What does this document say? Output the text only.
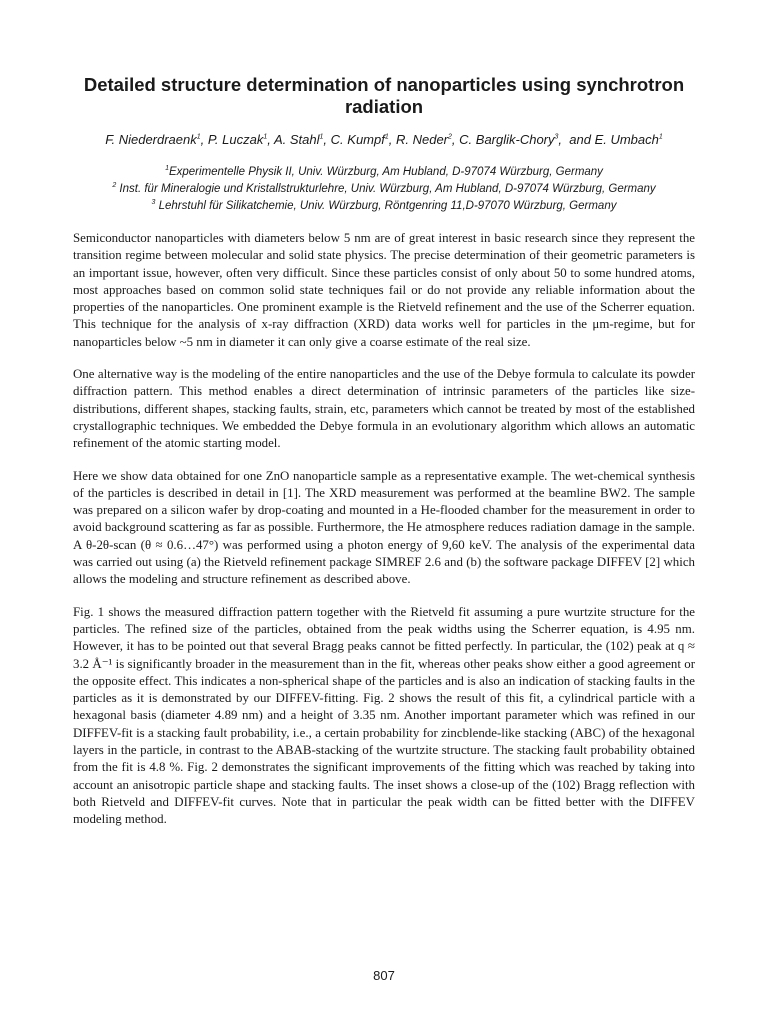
Detailed structure determination of nanoparticles using synchrotron radiation
F. Niederdraenk$^1$, P. Luczak$^1$, A. Stahl$^1$, C. Kumpf$^1$, R. Neder$^2$, C. Barglik-Chory$^3$,  and E. Umbach$^1$
$^1$Experimentelle Physik II, Univ. Würzburg, Am Hubland, D-97074 Würzburg, Germany
$^2$ Inst. für Mineralogie und Kristallstrukturlehre, Univ. Würzburg, Am Hubland, D-97074 Würzburg, Germany
$^3$ Lehrstuhl für Silikatchemie, Univ. Würzburg, Röntgenring 11,D-97070 Würzburg, Germany

Semiconductor nanoparticles with diameters below 5 nm are of great interest in basic research since they represent the transition regime between molecular and solid state physics. The precise determination of their geometric parameters is an important issue, however, often very difficult. Since these particles consist of only about 50 to some hundred atoms, most approaches based on common solid state techniques fail or do not provide any reliable information about the properties of the nanoparticles. One prominent example is the Rietveld refinement and the use of the Scherrer equation. This technique for the analysis of x-ray diffraction (XRD) data works well for particles in the μm-regime, but for nanoparticles below ~5 nm in diameter it can only give a coarse estimate of the real size.

One alternative way is the modeling of the entire nanoparticles and the use of the Debye formula to calculate its powder diffraction pattern. This method enables a direct determination of intrinsic parameters of the particles like size-distributions, different shapes, stacking faults, strain, etc, parameters which cannot be treated by most of the established crystallographic techniques. We embedded the Debye formula in an evolutionary algorithm which allows an automatic refinement of the atomic starting model.

Here we show data obtained for one ZnO nanoparticle sample as a representative example. The wet-chemical synthesis of the particles is described in detail in [1]. The XRD measurement was performed at the beamline BW2. The sample was prepared on a silicon wafer by drop-coating and mounted in a He-flooded chamber for the measurement in order to avoid background scattering as far as possible. Furthermore, the He atmosphere reduces radiation damage in the sample. A θ-2θ-scan (θ ≈ 0.6…47°) was performed using a photon energy of 9,60 keV. The analysis of the experimental data was carried out using (a) the Rietveld refinement package SIMREF 2.6 and (b) the software package DIFFEV [2] which allows the modeling and structure refinement as described above.

Fig. 1 shows the measured diffraction pattern together with the Rietveld fit assuming a pure wurtzite structure for the particles. The refined size of the particles, obtained from the peak widths using the Scherrer equation, is 4.95 nm. However, it has to be pointed out that several Bragg peaks cannot be fitted perfectly. In particular, the (102) peak at q ≈ 3.2 Å⁻¹ is significantly broader in the measurement than in the fit, whereas other peaks show either a good agreement or the opposite effect. This indicates a non-spherical shape of the particles and is also an indication of stacking faults in the particles as it is demonstrated by our DIFFEV-fitting. Fig. 2 shows the result of this fit, a cylindrical particle with a hexagonal basis (diameter 4.89 nm) and a height of 3.35 nm. Another important parameter which was refined in our DIFFEV-fit is a stacking fault probability, i.e., a certain probability for zincblende-like stacking (ABC) of the hexagonal layers in the particle, in contrast to the ABAB-stacking of the wurtzite structure. The stacking fault probability obtained from the fit is 4.8 %. Fig. 2 demonstrates the significant improvements of the fitting which was reached by taking into account an anisotropic particle shape and stacking faults. The inset shows a close-up of the (102) Bragg reflection with both Rietveld and DIFFEV-fit curves. Note that in particular the peak width can be fitted better with the DIFFEV modeling method.

807
